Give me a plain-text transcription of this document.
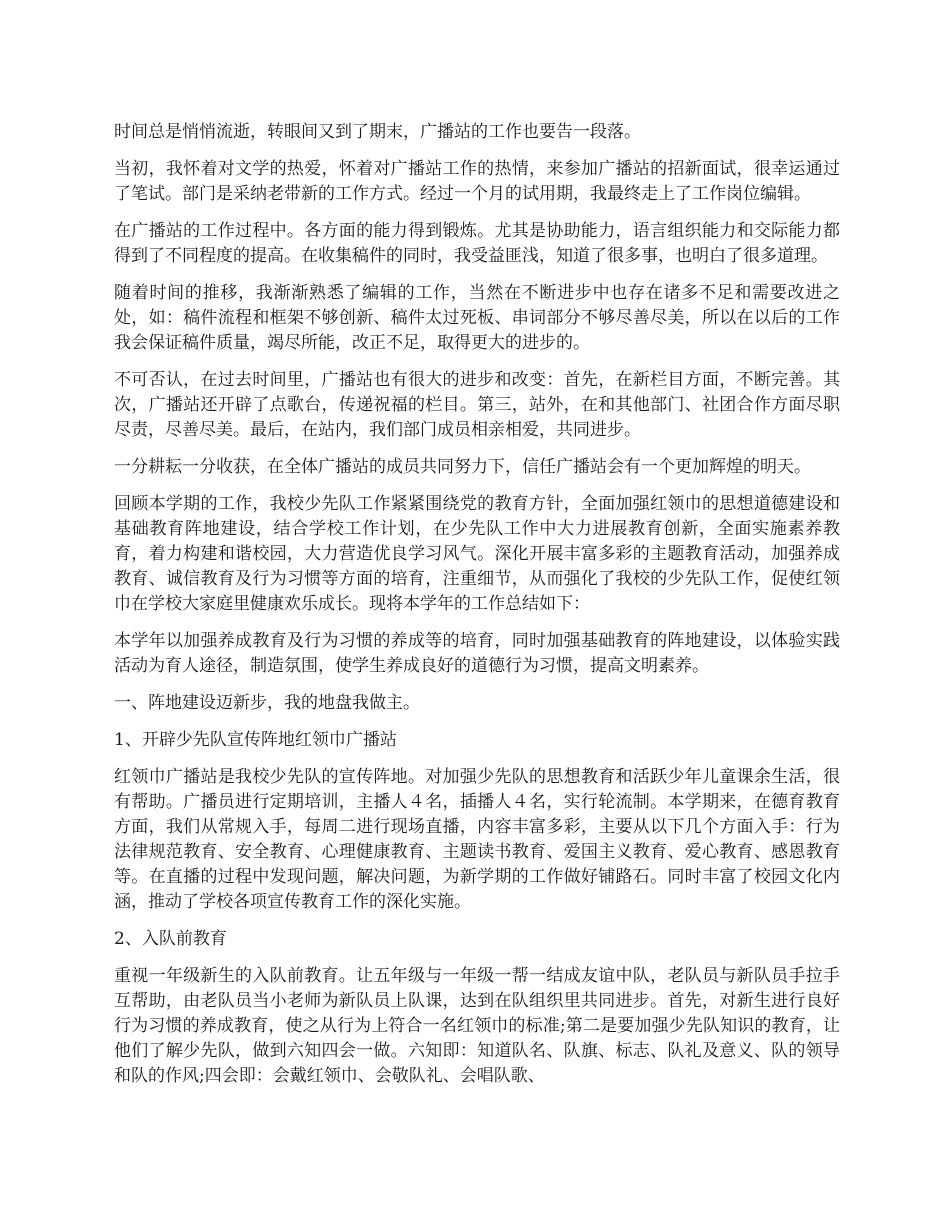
时间总是悄悄流逝，转眼间又到了期末，广播站的工作也要告一段落。

当初，我怀着对文学的热爱，怀着对广播站工作的热情，来参加广播站的招新面试，很幸运通过了笔试。部门是采纳老带新的工作方式。经过一个月的试用期，我最终走上了工作岗位编辑。

在广播站的工作过程中。各方面的能力得到锻炼。尤其是协助能力，语言组织能力和交际能力都得到了不同程度的提高。在收集稿件的同时，我受益匪浅，知道了很多事，也明白了很多道理。

随着时间的推移，我渐渐熟悉了编辑的工作，当然在不断进步中也存在诸多不足和需要改进之处，如：稿件流程和框架不够创新、稿件太过死板、串词部分不够尽善尽美，所以在以后的工作我会保证稿件质量，竭尽所能，改正不足，取得更大的进步的。

不可否认，在过去时间里，广播站也有很大的进步和改变：首先，在新栏目方面，不断完善。其次，广播站还开辟了点歌台，传递祝福的栏目。第三，站外，在和其他部门、社团合作方面尽职尽责，尽善尽美。最后，在站内，我们部门成员相亲相爱，共同进步。

一分耕耘一分收获，在全体广播站的成员共同努力下，信任广播站会有一个更加辉煌的明天。

回顾本学期的工作，我校少先队工作紧紧围绕党的教育方针，全面加强红领巾的思想道德建设和基础教育阵地建设，结合学校工作计划，在少先队工作中大力进展教育创新，全面实施素养教育，着力构建和谐校园，大力营造优良学习风气。深化开展丰富多彩的主题教育活动，加强养成教育、诚信教育及行为习惯等方面的培育，注重细节，从而强化了我校的少先队工作，促使红领巾在学校大家庭里健康欢乐成长。现将本学年的工作总结如下：

本学年以加强养成教育及行为习惯的养成等的培育，同时加强基础教育的阵地建设，以体验实践活动为育人途径，制造氛围，使学生养成良好的道德行为习惯，提高文明素养。

一、阵地建设迈新步，我的地盘我做主。

1、开辟少先队宣传阵地红领巾广播站

红领巾广播站是我校少先队的宣传阵地。对加强少先队的思想教育和活跃少年儿童课余生活，很有帮助。广播员进行定期培训，主播人４名，插播人４名，实行轮流制。本学期来，在德育教育方面，我们从常规入手，每周二进行现场直播，内容丰富多彩，主要从以下几个方面入手：行为法律规范教育、安全教育、心理健康教育、主题读书教育、爱国主义教育、爱心教育、感恩教育等。在直播的过程中发现问题，解决问题，为新学期的工作做好铺路石。同时丰富了校园文化内涵，推动了学校各项宣传教育工作的深化实施。

2、入队前教育

重视一年级新生的入队前教育。让五年级与一年级一帮一结成友谊中队，老队员与新队员手拉手互帮助，由老队员当小老师为新队员上队课，达到在队组织里共同进步。首先，对新生进行良好行为习惯的养成教育，使之从行为上符合一名红领巾的标准;第二是要加强少先队知识的教育，让他们了解少先队，做到六知四会一做。六知即：知道队名、队旗、标志、队礼及意义、队的领导和队的作风;四会即：会戴红领巾、会敬队礼、会唱队歌、
